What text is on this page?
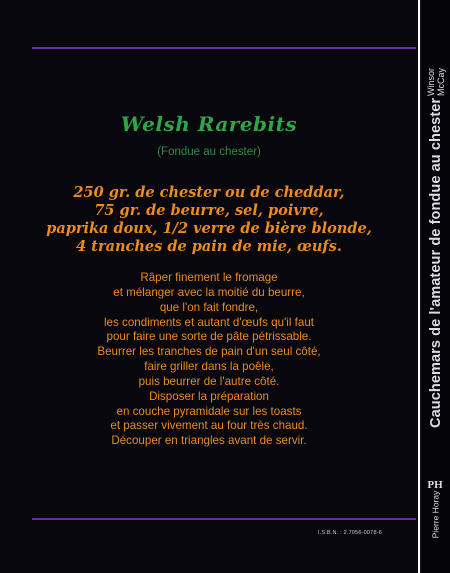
Welsh Rarebits
(Fondue au chester)
250 gr. de chester ou de cheddar,
75 gr. de beurre, sel, poivre,
paprika doux, 1/2 verre de bière blonde,
4 tranches de pain de mie, œufs.
Râper finement le fromage
et mélanger avec la moitié du beurre,
que l'on fait fondre,
les condiments et autant d'œufs qu'il faut
pour faire une sorte de pâte pétrissable.
Beurrer les tranches de pain d'un seul côté,
faire griller dans la poêle,
puis beurrer de l'autre côté.
Disposer la préparation
en couche pyramidale sur les toasts
et passer vivement au four très chaud.
Découper en triangles avant de servir.
I.S.B.N. : 2.7056-0078-6
Winsor McCay
Cauchemars de l'amateur de fondue au chester
Pierre Horay
PH
